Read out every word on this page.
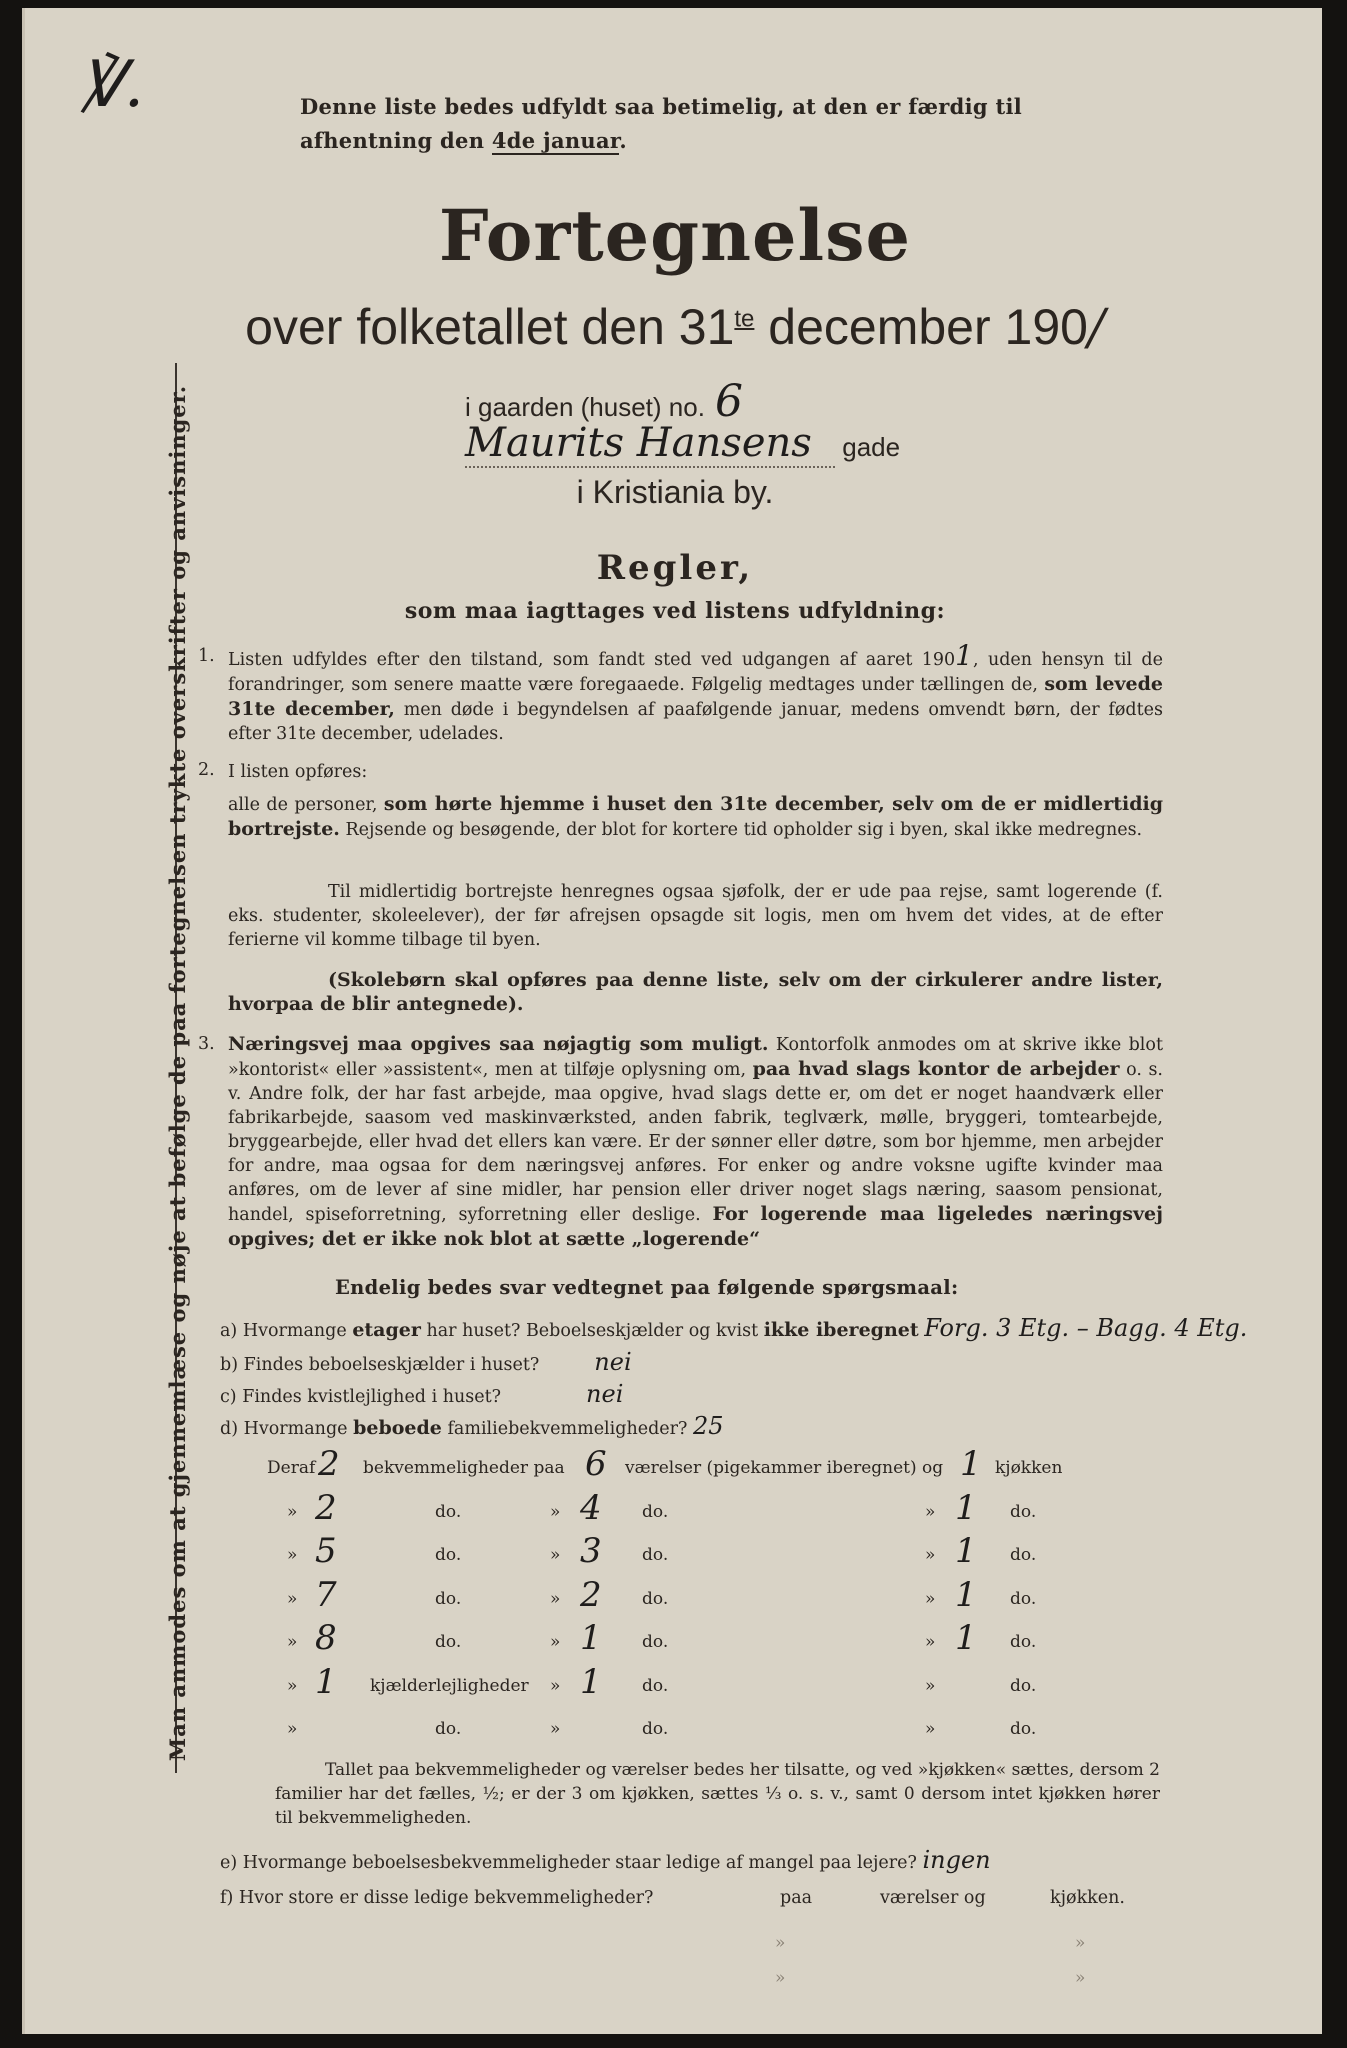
℣.	Denne liste bedes udfyldt saa betimelig, at den er færdig til
afhentning den 4de januar.
Fortegnelse
over folketallet den $31^{te}$ december 190/
i gaarden (huset) no. 6
Maurits Hansens gade
i Kristiania by.
Regler,
som maa iagttages ved listens udfyldning:
1. Listen udfyldes efter den tilstand, som fandt sted ved udgangen af aaret 1901, uden hensyn til de forandringer, som senere maatte være foregaaede. Følgelig medtages under tællingen de, som levede 31te december, men døde i begyndelsen af paafølgende januar, medens omvendt børn, der fødtes efter 31te december, udelades.
2. I listen opføres:
alle de personer, som hørte hjemme i huset den 31te december, selv om de er midlertidig bortrejste. Rejsende og besøgende, der blot for kortere tid opholder sig i byen, skal ikke medregnes.
Til midlertidig bortrejste henregnes ogsaa sjøfolk, der er ude paa rejse, samt logerende (f. eks. studenter, skoleelever), der før afrejsen opsagde sit logis, men om hvem det vides, at de efter ferierne vil komme tilbage til byen.
(Skolebørn skal opføres paa denne liste, selv om der cirkulerer andre lister, hvorpaa de blir antegnede).
3. Næringsvej maa opgives saa nøjagtig som muligt. Kontorfolk anmodes om at skrive ikke blot »kontorist« eller »assistent«, men at tilføje oplysning om, paa hvad slags kontor de arbejder o. s. v. Andre folk, der har fast arbejde, maa opgive, hvad slags dette er, om det er noget haandværk eller fabrikarbejde, saasom ved maskinværksted, anden fabrik, teglværk, mølle, bryggeri, tomtearbejde, bryggearbejde, eller hvad det ellers kan være. Er der sønner eller døtre, som bor hjemme, men arbejder for andre, maa ogsaa for dem næringsvej anføres. For enker og andre voksne ugifte kvinder maa anføres, om de lever af sine midler, har pension eller driver noget slags næring, saasom pensionat, handel, spiseforretning, syforretning eller deslige. For logerende maa ligeledes næringsvej opgives; det er ikke nok blot at sætte „logerende“
Endelig bedes svar vedtegnet paa følgende spørgsmaal:
a) Hvormange etager har huset? Beboelseskjælder og kvist ikke iberegnet Forg. 3 Etg. – Bagg. 4 Etg.
b) Findes beboelseskjælder i huset? nei
c) Findes kvistlejlighed i huset?	nei
d) Hvormange beboede familiebekvemmeligheder? 25
Deraf 2 bekvemmeligheder paa 6 værelser (pigekammer iberegnet) og 1 kjøkken
» 2	do.	» 4 do.	» 1 do.
» 5	do.	» 3 do.	» 1 do.
» 7	do.	» 2 do.	» 1 do.
» 8	do.	» 1 do.	» 1 do.
» 1 kjælderlejligheder » 1 do.	»	do.
»	do.	»	do.	»	do.
Tallet paa bekvemmeligheder og værelser bedes her tilsatte, og ved »kjøkken« sættes, dersom 2 familier har det fælles, ½; er der 3 om kjøkken, sættes ⅓ o. s. v., samt 0 dersom intet kjøkken hører til bekvemmeligheden.
e) Hvormange beboelsesbekvemmeligheder staar ledige af mangel paa lejere? ingen
f) Hvor store er disse ledige bekvemmeligheder?	paa	værelser og	kjøkken.
»	»
»	»
Man anmodes om at gjennemlæse og nøje at befølge de paa fortegnelsen trykte overskrifter og anvisninger.
